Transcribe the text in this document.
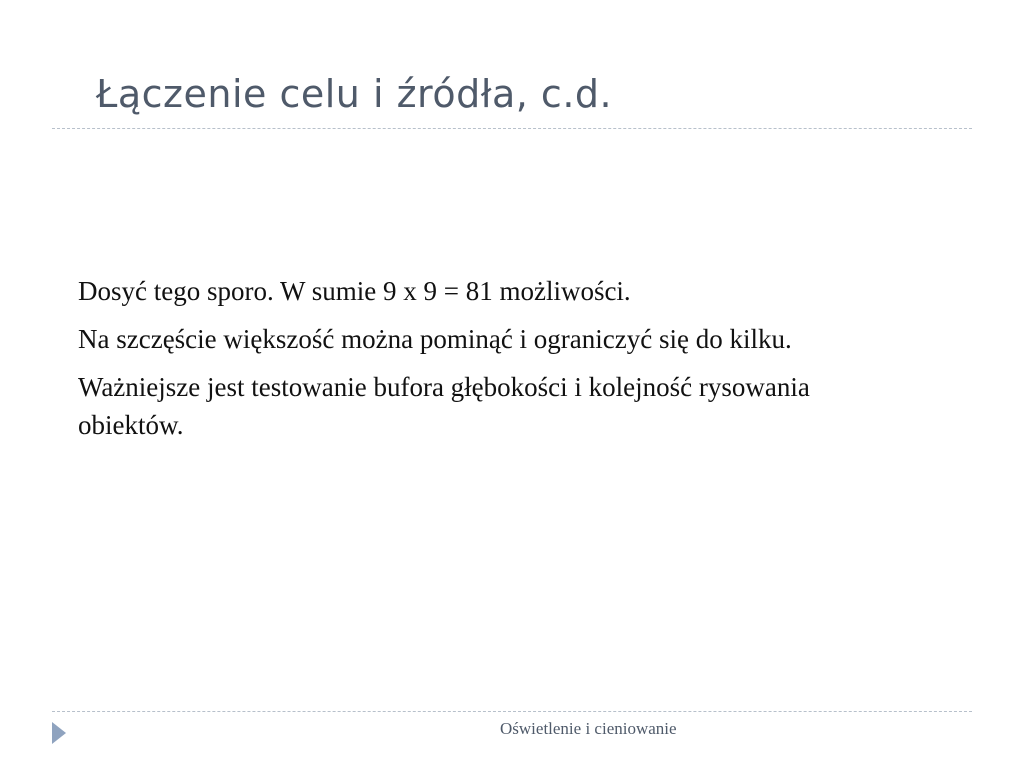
Łączenie celu i źródła, c.d.

Dosyć tego sporo. W sumie 9 x 9 = 81 możliwości.

Na szczęście większość można pominąć i ograniczyć się do kilku.

Ważniejsze jest testowanie bufora głębokości i kolejność rysowania obiektów.

Oświetlenie i cieniowanie
